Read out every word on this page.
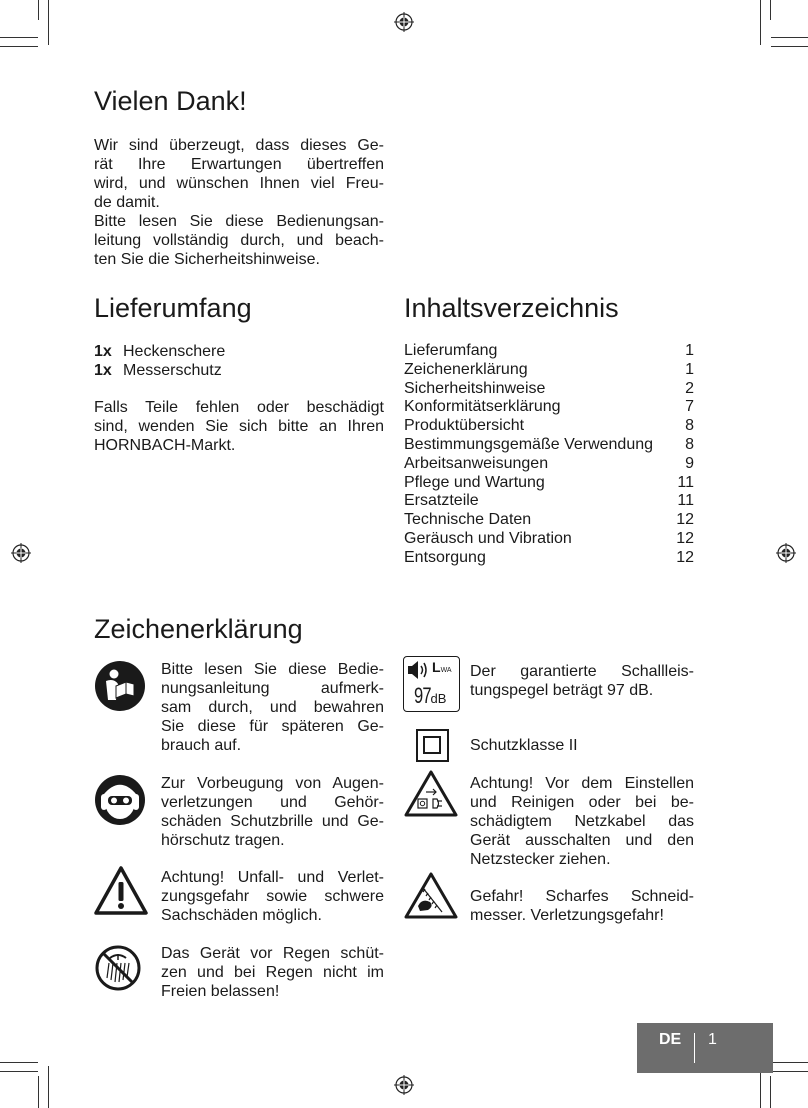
Vielen Dank!
Wir sind überzeugt, dass dieses Ge-
rät Ihre Erwartungen übertreffen
wird, und wünschen Ihnen viel Freu-
de damit.
Bitte lesen Sie diese Bedienungsan-
leitung vollständig durch, und beach-
ten Sie die Sicherheitshinweise.
Lieferumfang
1x Heckenschere
1x Messerschutz
Falls Teile fehlen oder beschädigt
sind, wenden Sie sich bitte an Ihren
HORNBACH-Markt.
Inhaltsverzeichnis
Lieferumfang	1
Zeichenerklärung	1
Sicherheitshinweise	2
Konformitätserklärung	7
Produktübersicht	8
Bestimmungsgemäße Verwendung 8
Arbeitsanweisungen	9
Pflege und Wartung	11
Ersatzteile	11
Technische Daten	12
Geräusch und Vibration	12
Entsorgung	12
Zeichenerklärung
Bitte lesen Sie diese Bedie-
nungsanleitung aufmerk-
sam durch, und bewahren
Sie diese für späteren Ge-
brauch auf.
Zur Vorbeugung von Augen-
verletzungen und Gehör-
schäden Schutzbrille und Ge-
hörschutz tragen.
Achtung! Unfall- und Verlet-
zungsgefahr sowie schwere
Sachschäden möglich.
Das Gerät vor Regen schüt-
zen und bei Regen nicht im
Freien belassen!
LWA
97dB
Der garantierte Schallleis-
tungspegel beträgt 97 dB.
Schutzklasse II
Achtung! Vor dem Einstellen
und Reinigen oder bei be-
schädigtem Netzkabel das
Gerät ausschalten und den
Netzstecker ziehen.
Gefahr! Scharfes Schneid-
messer. Verletzungsgefahr!
DE 1
